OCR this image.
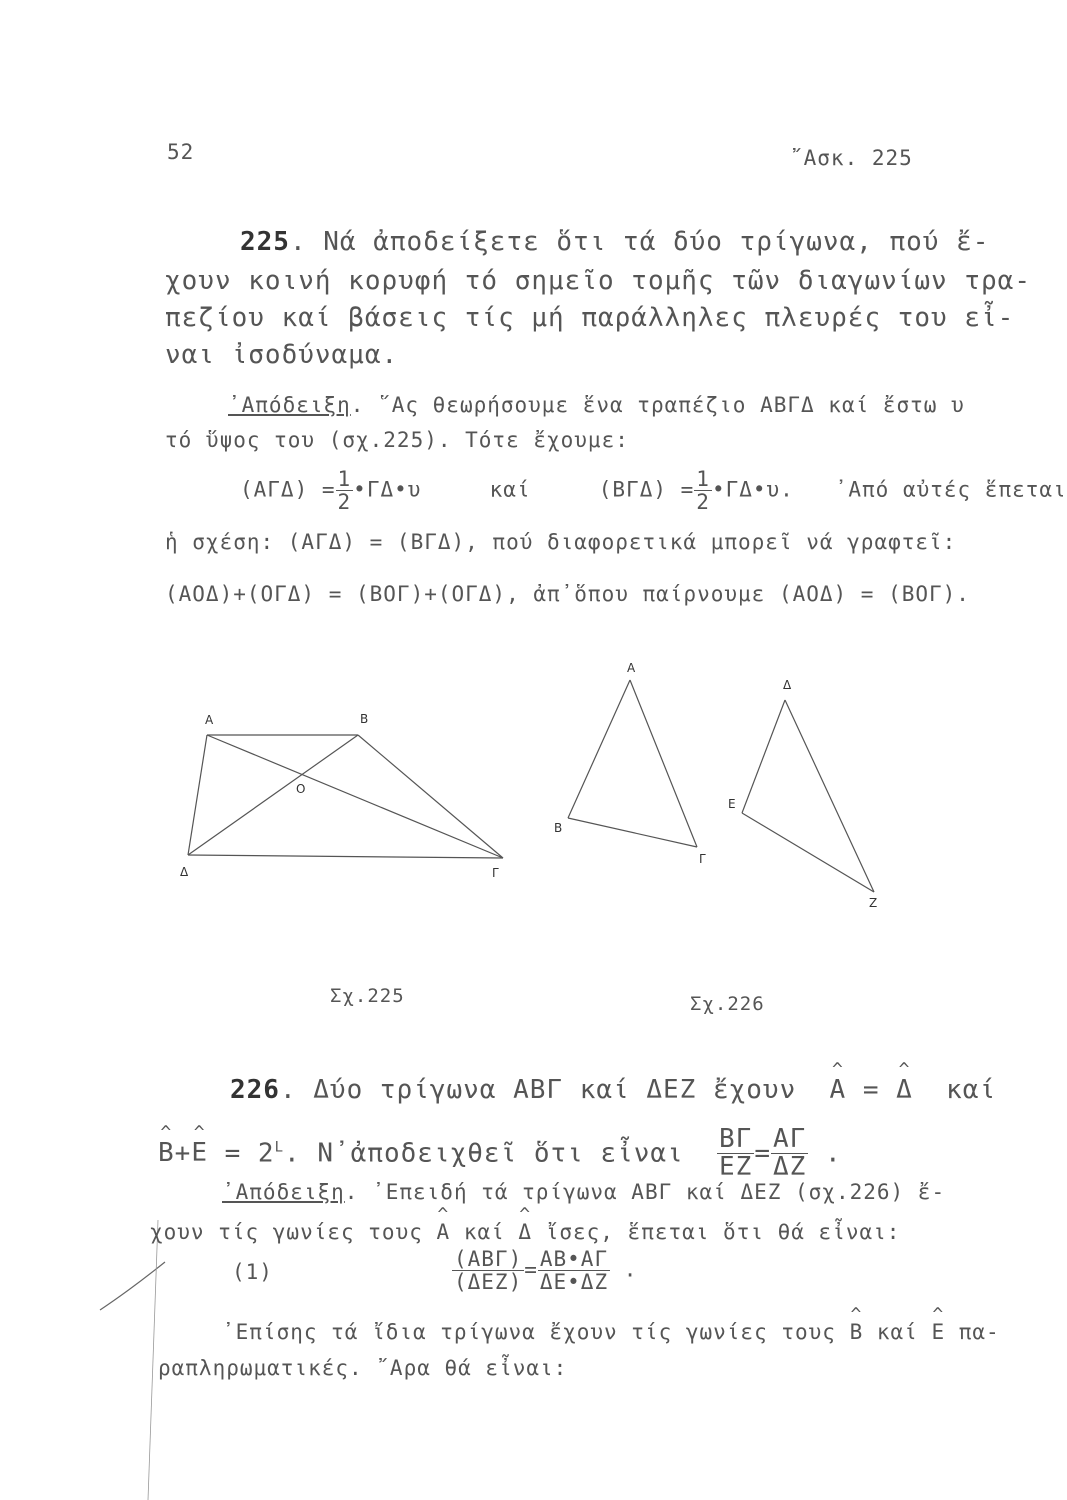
52	῎Ασκ. 225
225. Νά ἀποδείξετε ὅτι τά δύο τρίγωνα, πού ἔ-
χουν κοινή κορυφή τό σημεῖο τομῆς τῶν διαγωνίων τρα-
πεζίου καί βάσεις τίς μή παράλληλες πλευρές του εἶ-
ναι ἰσοδύναμα.
᾿Απόδειξη. ῞Ας θεωρήσουμε ἕνα τραπέζιο ΑΒΓΔ καί ἔστω υ
τό ὕψος του (σχ.225). Τότε ἔχουμε:
$(A\Gamma\Delta) = \frac{1}{2}$ •ΓΔ•υ	καί	$(B\Gamma\Delta) = \frac{1}{2}$ •ΓΔ•υ. ᾿Από αὐτές ἕπεται
ἡ σχέση: (ΑΓΔ) = (ΒΓΔ), πού διαφορετικά μπορεῖ νά γραφτεῖ:
(ΑΟΔ)+(ΟΓΔ) = (ΒΟΓ)+(ΟΓΔ), ἀπ᾿ὅπου παίρνουμε (ΑΟΔ) = (ΒΟΓ).
A	B
O
Δ	Γ
A
B
Γ
Δ
E
Z
Σχ.225	Σχ.226
226. Δύο τρίγωνα ΑΒΓ καί ΔΕΖ ἔχουν  ^ Α = ^ Δ  καί
^ Β+^ $E = 2^L$. Ν᾿ἀποδειχθεῖ ὅτι εἶναι $\frac{B\Gamma}{EZ} = \frac{A\Gamma}{\Delta Z}$ .
᾿Απόδειξη. ᾿Επειδή τά τρίγωνα ΑΒΓ καί ΔΕΖ (σχ.226) ἔ-
χουν τίς γωνίες τους ^ Α καί ^ Δ ἴσες, ἕπεται ὅτι θά εἶναι:
(1)	$\frac{\text{(ΑΒΓ)}}{\text{(ΔΕΖ)}} = \frac{AB•A\Gamma}{\Delta E•\Delta Z}$ .
᾿Επίσης τά ἴδια τρίγωνα ἔχουν τίς γωνίες τους ^ Β καί ^ Ε πα-
ραπληρωματικές. ῎Αρα θά εἶναι:
